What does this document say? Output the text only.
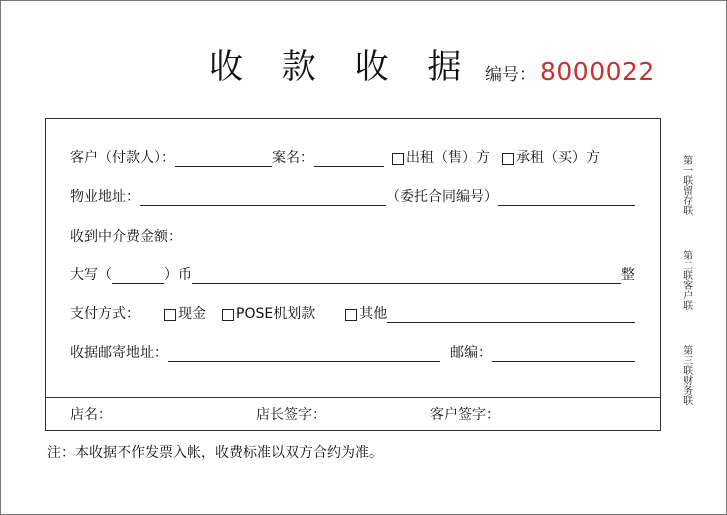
收 款 收 据 编号： 8000022
客户（付款人）：	案名：	出租（售）方 承租（买）方
物业地址：	（委托合同编号）
收到中介费金额：
大写（	）币	整
支付方式：	现金 POSE机划款	其他
收据邮寄地址：	邮编：
店名：	店长签字：	客户签字：
注：本收据不作发票入帐，收费标准以双方合约为准。
第一联留存联
第二联客户联
第三联财务联
